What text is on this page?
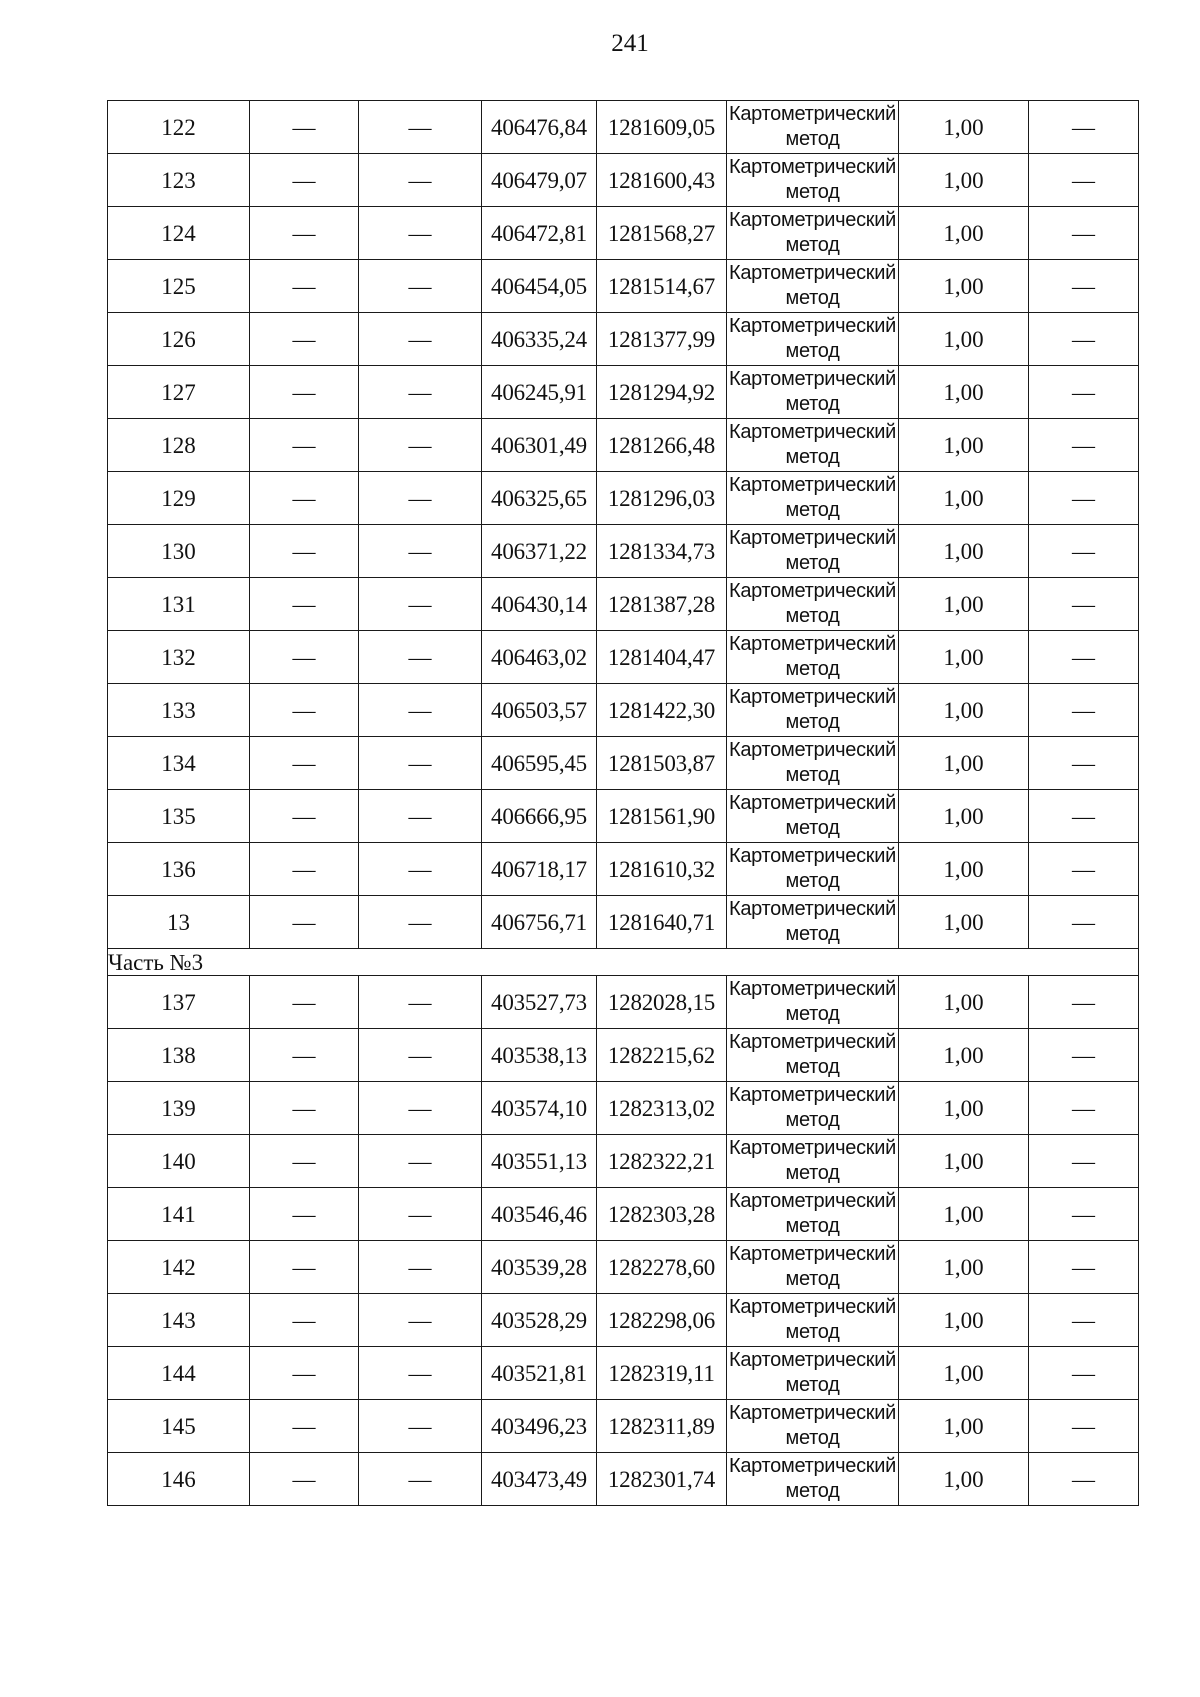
241
122	—	—	406476,84	1281609,05	Картометрический метод	1,00	—
123	—	—	406479,07	1281600,43	Картометрический метод	1,00	—
124	—	—	406472,81	1281568,27	Картометрический метод	1,00	—
125	—	—	406454,05	1281514,67	Картометрический метод	1,00	—
126	—	—	406335,24	1281377,99	Картометрический метод	1,00	—
127	—	—	406245,91	1281294,92	Картометрический метод	1,00	—
128	—	—	406301,49	1281266,48	Картометрический метод	1,00	—
129	—	—	406325,65	1281296,03	Картометрический метод	1,00	—
130	—	—	406371,22	1281334,73	Картометрический метод	1,00	—
131	—	—	406430,14	1281387,28	Картометрический метод	1,00	—
132	—	—	406463,02	1281404,47	Картометрический метод	1,00	—
133	—	—	406503,57	1281422,30	Картометрический метод	1,00	—
134	—	—	406595,45	1281503,87	Картометрический метод	1,00	—
135	—	—	406666,95	1281561,90	Картометрический метод	1,00	—
136	—	—	406718,17	1281610,32	Картометрический метод	1,00	—
13	—	—	406756,71	1281640,71	Картометрический метод	1,00	—
Часть №3							
137	—	—	403527,73	1282028,15	Картометрический метод	1,00	—
138	—	—	403538,13	1282215,62	Картометрический метод	1,00	—
139	—	—	403574,10	1282313,02	Картометрический метод	1,00	—
140	—	—	403551,13	1282322,21	Картометрический метод	1,00	—
141	—	—	403546,46	1282303,28	Картометрический метод	1,00	—
142	—	—	403539,28	1282278,60	Картометрический метод	1,00	—
143	—	—	403528,29	1282298,06	Картометрический метод	1,00	—
144	—	—	403521,81	1282319,11	Картометрический метод	1,00	—
145	—	—	403496,23	1282311,89	Картометрический метод	1,00	—
146	—	—	403473,49	1282301,74	Картометрический метод	1,00	—
